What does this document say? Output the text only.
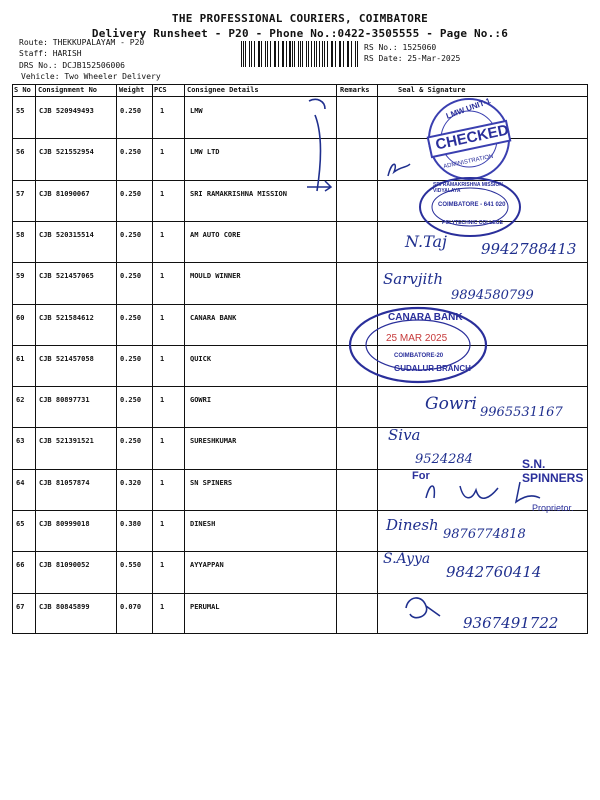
THE PROFESSIONAL COURIERS, COIMBATORE
Delivery Runsheet - P20 - Phone No.:0422-3505555 - Page No.:6
Route: THEKKUPALAYAM - P20
Staff: HARISH
DRS No.: DCJB152506006
Vehicle: Two Wheeler Delivery
RS No.: 1525060
RS Date: 25-Mar-2025
S No Consignment No	Weight PCS	Consignee Details	Remarks	Seal & Signature
55 CJB 520949493	0.250	1	LMW
56 CJB 521552954	0.250	1	LMW LTD
57 CJB 81090067	0.250	1	SRI RAMAKRISHNA MISSION
58 CJB 520315514	0.250	1	AM AUTO CORE
59 CJB 521457065	0.250	1	MOULD WINNER
60 CJB 521584612	0.250	1	CANARA BANK
61 CJB 521457058	0.250	1	QUICK
62 CJB 80897731	0.250	1	GOWRI
63 CJB 521391521	0.250	1	SURESHKUMAR
64 CJB 81057874	0.320	1	SN SPINERS
65 CJB 80999018	0.380	1	DINESH
66 CJB 81090052	0.550	1	AYYAPPAN
67 CJB 80845899	0.070	1	PERUMAL
LMW UNIT-1
CHECKED
ADMINISTRATION
SRI RAMAKRISHNA MISSION VIDYALAYA
COIMBATORE - 641 020
POLYTECHNIC COLLEGE
CANARA BANK
25 MAR 2025
COIMBATORE-20
GUDALUR BRANCH
S.N. SPINNERS
For
Proprietor.
N.Taj 9942788413
Sarvjith
9894580799
Gowri 9965531167
Siva
9524284
Dinesh
9876774818
S.Ayya
9842760414
9367491722
